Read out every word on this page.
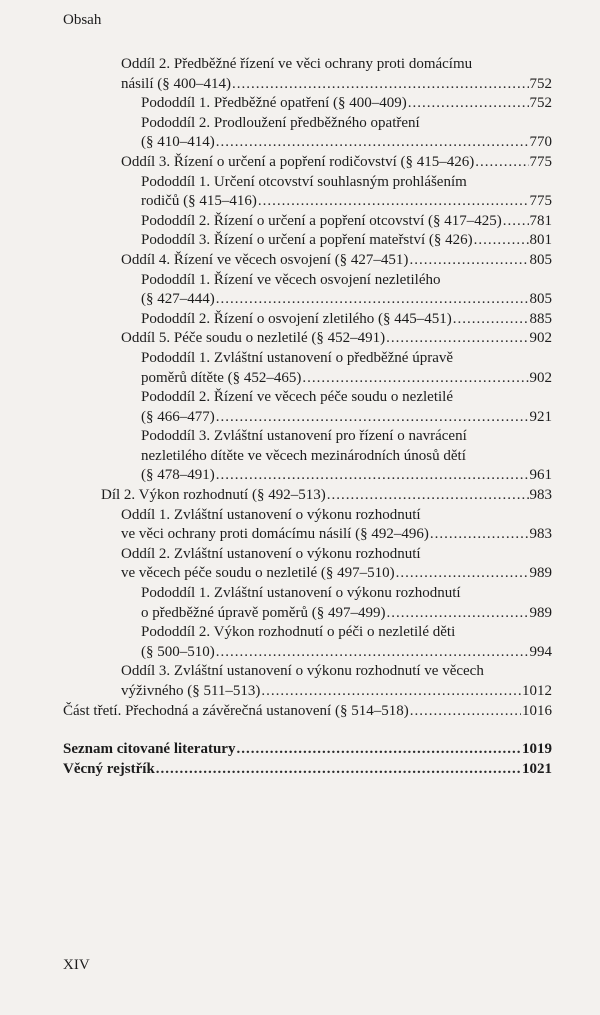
Obsah
Oddíl 2. Předběžné řízení ve věci ochrany proti domácímu
násilí (§ 400–414) .....	752
Pododdíl 1. Předběžné opatření (§ 400–409) .....	752
Pododdíl 2. Prodloužení předběžného opatření
(§ 410–414) .....	770
Oddíl 3. Řízení o určení a popření rodičovství (§ 415–426) .....	775
Pododdíl 1. Určení otcovství souhlasným prohlášením
rodičů (§ 415–416) .....	775
Pododdíl 2. Řízení o určení a popření otcovství (§ 417–425) ..... 781
Pododdíl 3. Řízení o určení a popření mateřství (§ 426) .....	801
Oddíl 4. Řízení ve věcech osvojení (§ 427–451) .....	805
Pododdíl 1. Řízení ve věcech osvojení nezletilého
(§ 427–444) .....	805
Pododdíl 2. Řízení o osvojení zletilého (§ 445–451) .....	885
Oddíl 5. Péče soudu o nezletilé (§ 452–491) .....	902
Pododdíl 1. Zvláštní ustanovení o předběžné úpravě
poměrů dítěte (§ 452–465) .....	902
Pododdíl 2. Řízení ve věcech péče soudu o nezletilé
(§ 466–477) .....	921
Pododdíl 3. Zvláštní ustanovení pro řízení o navrácení
nezletilého dítěte ve věcech mezinárodních únosů dětí
(§ 478–491) .....	961
Díl 2. Výkon rozhodnutí (§ 492–513) .....	983
Oddíl 1. Zvláštní ustanovení o výkonu rozhodnutí
ve věci ochrany proti domácímu násilí (§ 492–496) .....	983
Oddíl 2. Zvláštní ustanovení o výkonu rozhodnutí
ve věcech péče soudu o nezletilé (§ 497–510) .....	989
Pododdíl 1. Zvláštní ustanovení o výkonu rozhodnutí
o předběžné úpravě poměrů (§ 497–499) .....	989
Pododdíl 2. Výkon rozhodnutí o péči o nezletilé děti
(§ 500–510) .....	994
Oddíl 3. Zvláštní ustanovení o výkonu rozhodnutí ve věcech
výživného (§ 511–513) .....	1012
Část třetí. Přechodná a závěrečná ustanovení (§ 514–518) .....	1016
Seznam citované literatury .....	1019
Věcný rejstřík .....	1021
XIV
